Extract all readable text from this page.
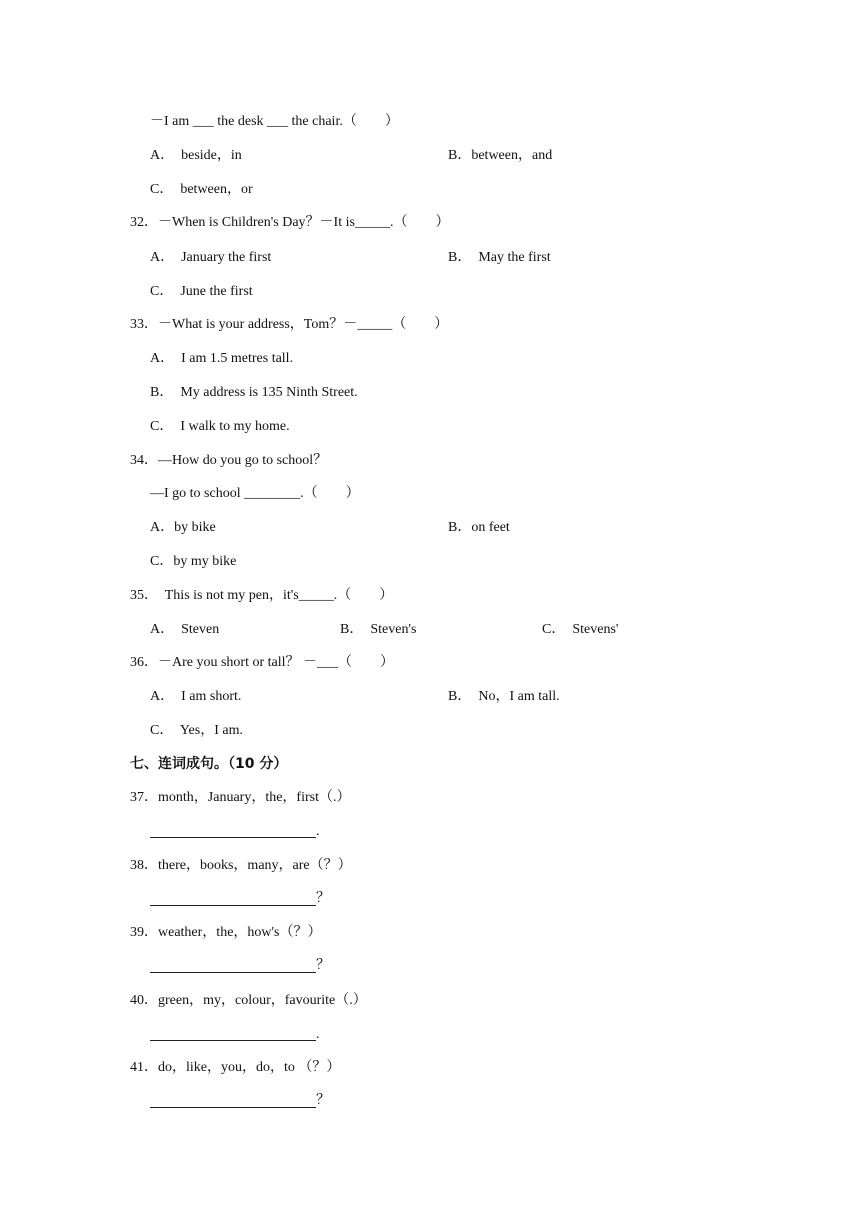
－I am ___ the desk ___ the chair.（　　）
A．  beside，in	B．between，and
C．  between，or
32．－When is Children's Day？－It is_____.（　　）
A．  January the first	B．  May the first
C．  June the first
33．－What is your address，Tom？－_____（　　）
A．  I am 1.5 metres tall.
B．  My address is 135 Ninth Street.
C．  I walk to my home.
34．—How do you go to school？
—I go to school ________.（　　）
A．by bike	B．on feet
C．by my bike
35．  This is not my pen，it's_____.（　　）
A．  Steven	B．  Steven's	C．  Stevens'
36．－Are you short or tall？ －___（　　）
A．  I am short.	B．  No，I am tall.
C．  Yes，I am.
七、连词成句。（10 分）
37．month，January，the，first（.）
.
38．there，books，many，are（？）
？
39．weather，the，how's（？）
？
40．green，my，colour，favourite（.）
.
41．do，like，you，do，to （？）
？
